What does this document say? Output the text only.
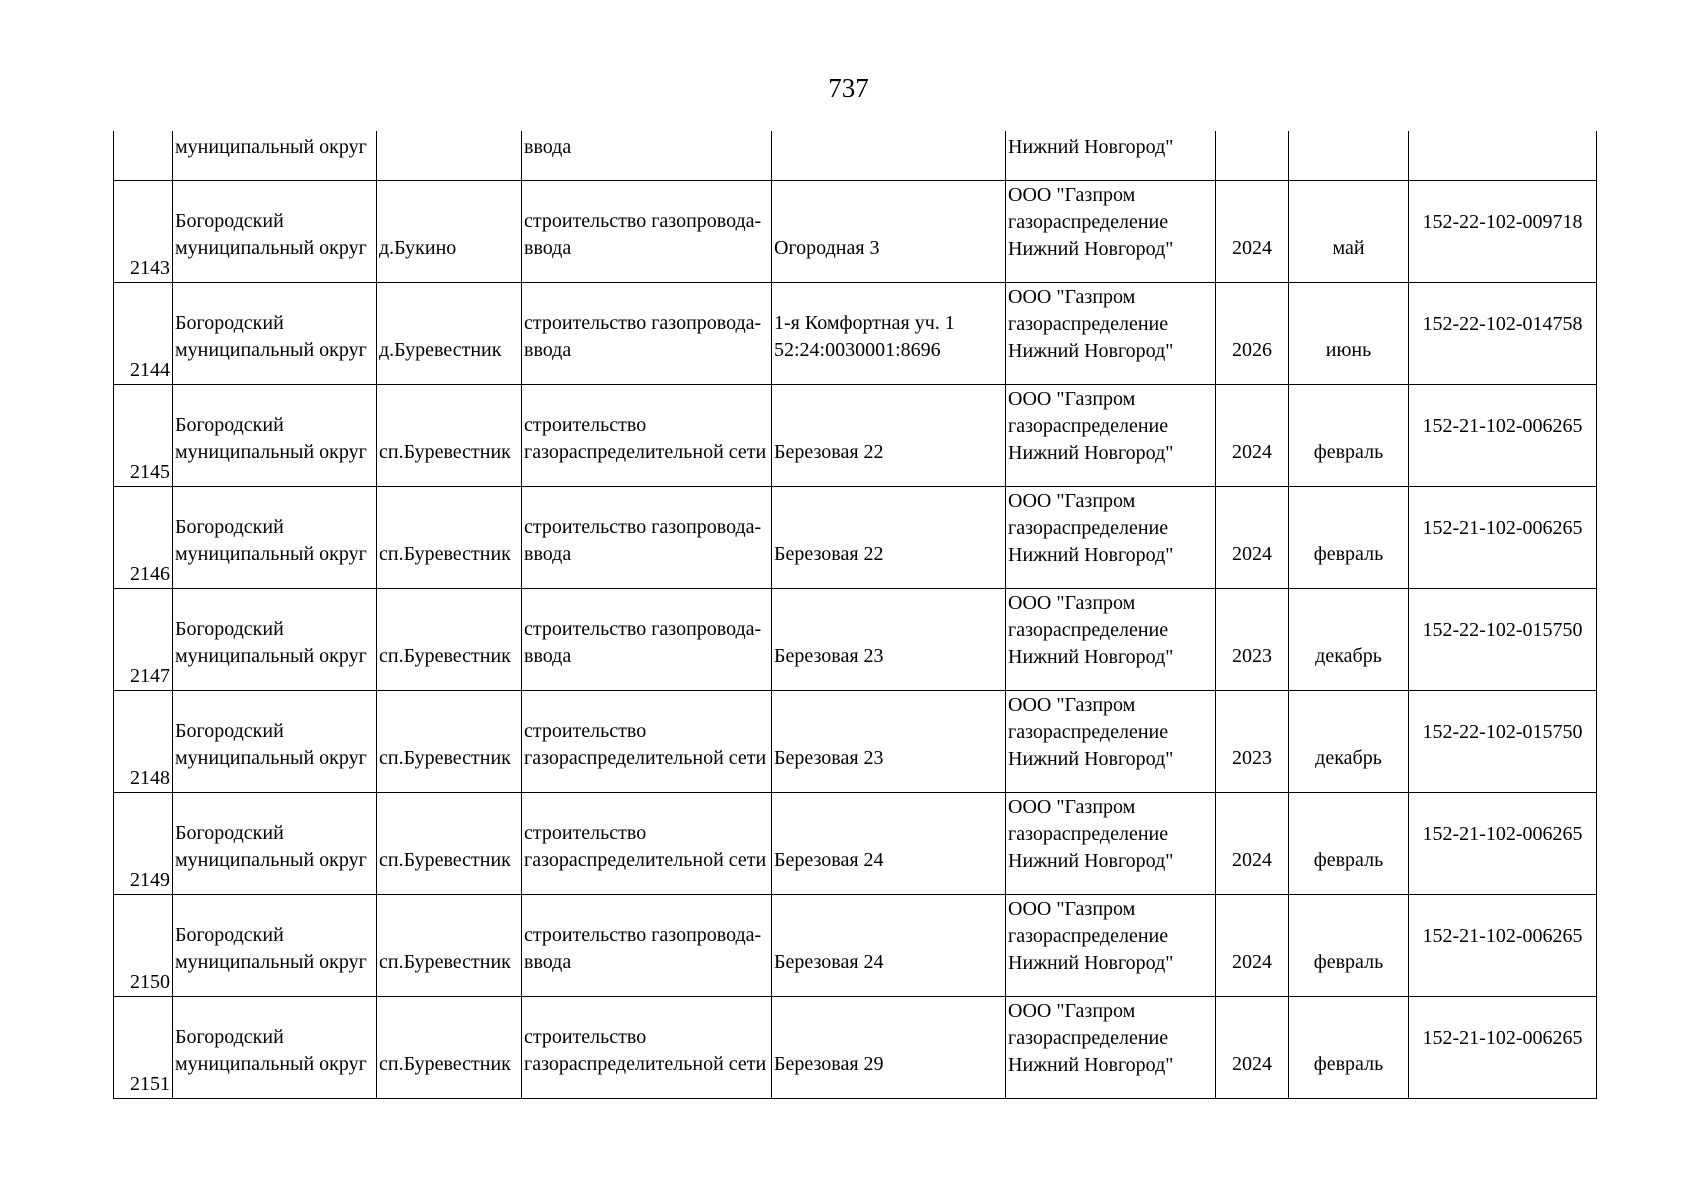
737
	муниципальный округ		ввода		Нижний Новгород"			
2143	Богородский
муниципальный округ	д.Букино	строительство газопровода-
ввода	Огородная 3	ООО "Газпром
газораспределение
Нижний Новгород"	2024	май	152-22-102-009718
2144	Богородский
муниципальный округ	д.Буревестник	строительство газопровода-
ввода	1-я Комфортная уч. 1
52:24:0030001:8696	ООО "Газпром
газораспределение
Нижний Новгород"	2026	июнь	152-22-102-014758
2145	Богородский
муниципальный округ	сп.Буревестник	строительство
газораспределительной сети	Березовая 22	ООО "Газпром
газораспределение
Нижний Новгород"	2024	февраль	152-21-102-006265
2146	Богородский
муниципальный округ	сп.Буревестник	строительство газопровода-
ввода	Березовая 22	ООО "Газпром
газораспределение
Нижний Новгород"	2024	февраль	152-21-102-006265
2147	Богородский
муниципальный округ	сп.Буревестник	строительство газопровода-
ввода	Березовая 23	ООО "Газпром
газораспределение
Нижний Новгород"	2023	декабрь	152-22-102-015750
2148	Богородский
муниципальный округ	сп.Буревестник	строительство
газораспределительной сети	Березовая 23	ООО "Газпром
газораспределение
Нижний Новгород"	2023	декабрь	152-22-102-015750
2149	Богородский
муниципальный округ	сп.Буревестник	строительство
газораспределительной сети	Березовая 24	ООО "Газпром
газораспределение
Нижний Новгород"	2024	февраль	152-21-102-006265
2150	Богородский
муниципальный округ	сп.Буревестник	строительство газопровода-
ввода	Березовая 24	ООО "Газпром
газораспределение
Нижний Новгород"	2024	февраль	152-21-102-006265
2151	Богородский
муниципальный округ	сп.Буревестник	строительство
газораспределительной сети	Березовая 29	ООО "Газпром
газораспределение
Нижний Новгород"	2024	февраль	152-21-102-006265
